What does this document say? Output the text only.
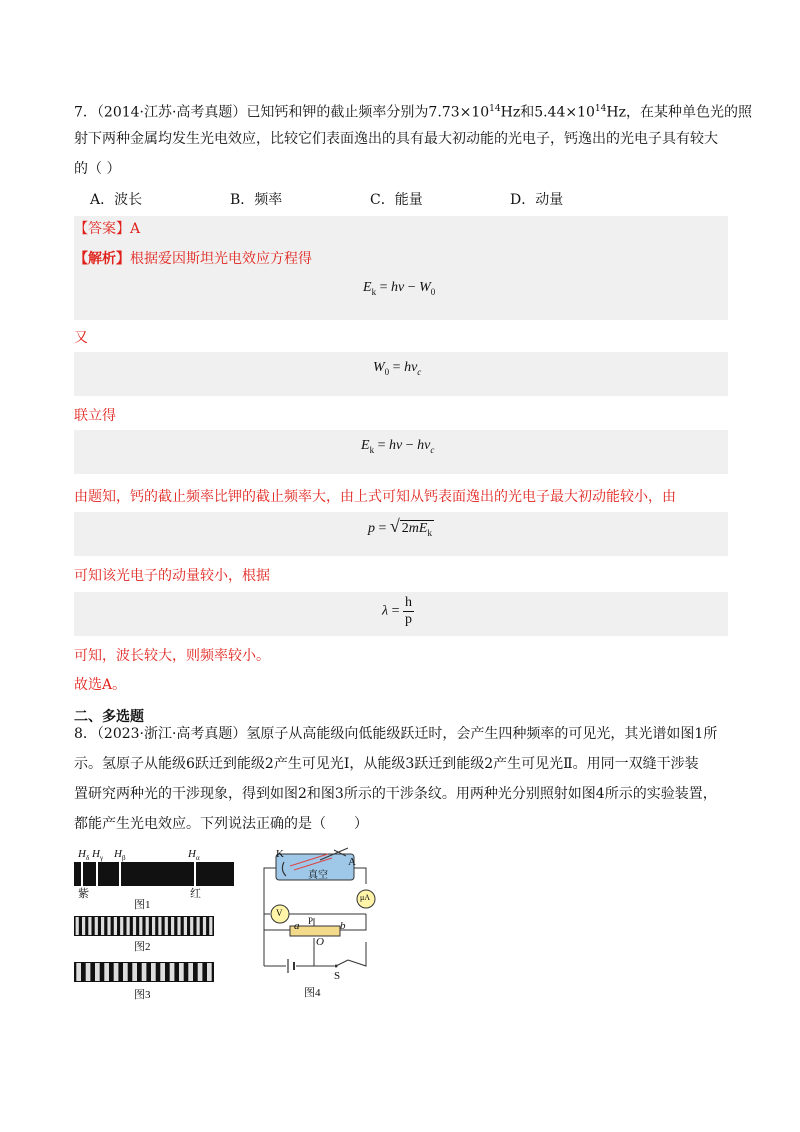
7．（2014·江苏·高考真题）已知钙和钾的截止频率分别为$7.73\times 10^{14}Hz$和$5.44\times 10^{14}Hz$，在某种单色光的照
射下两种金属均发生光电效应，比较它们表面逸出的具有最大初动能的光电子，钙逸出的光电子具有较大
的（ ）
A．波长	B．频率	C．能量	D．动量
【答案】A
【解析】根据爱因斯坦光电效应方程得
$E_k = h\nu - W_0$
又
$W_0 = h\nu_c$
联立得
$E_k = h\nu - h\nu_c$
由题知，钙的截止频率比钾的截止频率大，由上式可知从钙表面逸出的光电子最大初动能较小，由
p = √ $2mE_k$
可知该光电子的动量较小，根据
$\lambda = \frac{h}{p}$
可知，波长较大，则频率较小。
故选A。
二、多选题
8．（2023·浙江·高考真题）氢原子从高能级向低能级跃迁时，会产生四种频率的可见光，其光谱如图1所
示。氢原子从能级6跃迁到能级2产生可见光Ⅰ，从能级3跃迁到能级2产生可见光Ⅱ。用同一双缝干涉装
置研究两种光的干涉现象，得到如图2和图3所示的干涉条纹。用两种光分别照射如图4所示的实验装置，
都能产生光电效应。下列说法正确的是（　　）
$H_\delta$ $H_\gamma$ $H_\beta$	$H_\alpha$
紫	红
图1
图2
图3
K
A
真空
μA
V
a P b
O
S
图4
